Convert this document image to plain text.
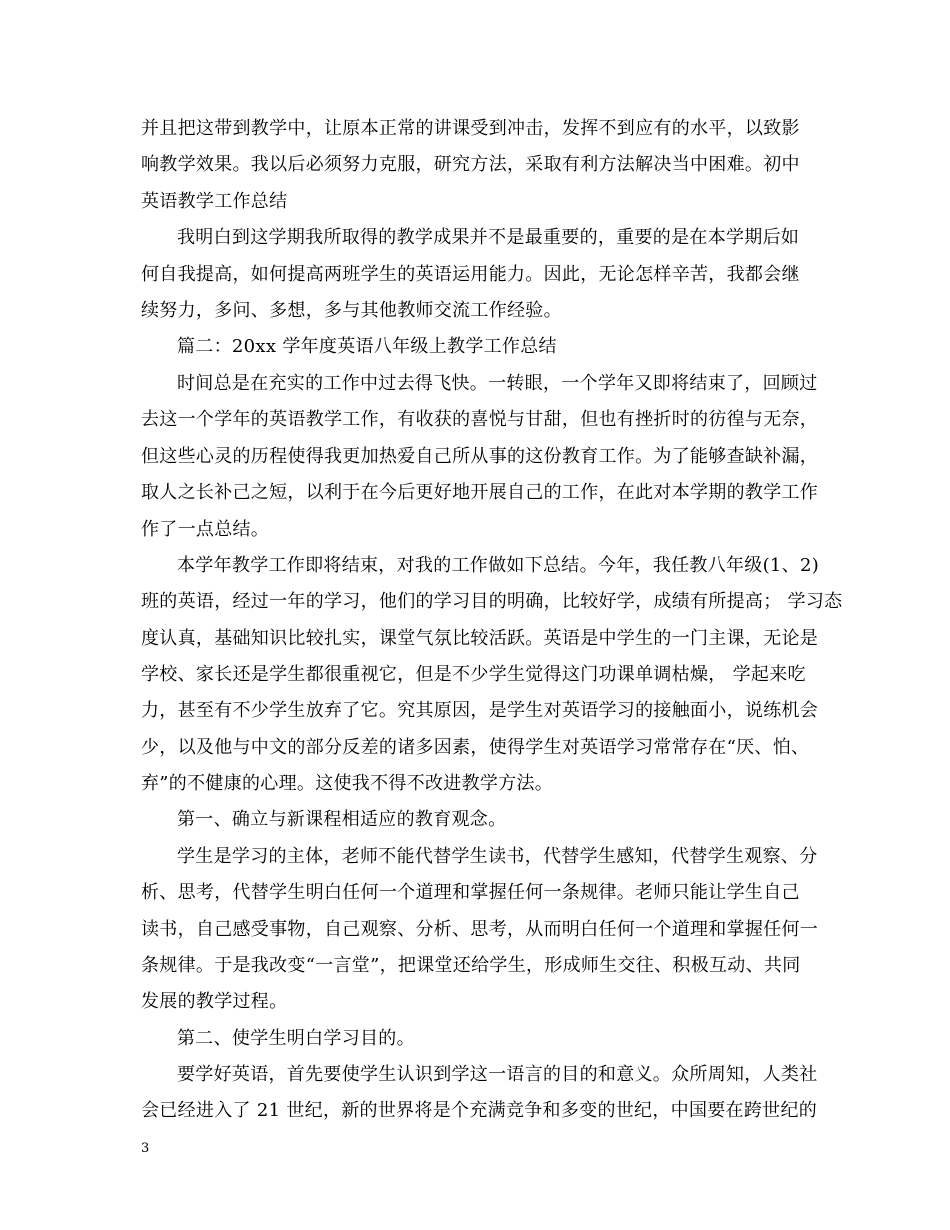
并且把这带到教学中，让原本正常的讲课受到冲击，发挥不到应有的水平，以致影
响教学效果。我以后必须努力克服，研究方法，采取有利方法解决当中困难。初中
英语教学工作总结
我明白到这学期我所取得的教学成果并不是最重要的，重要的是在本学期后如
何自我提高，如何提高两班学生的英语运用能力。因此，无论怎样辛苦，我都会继
续努力，多问、多想，多与其他教师交流工作经验。
篇二：20xx 学年度英语八年级上教学工作总结
时间总是在充实的工作中过去得飞快。一转眼，一个学年又即将结束了，回顾过
去这一个学年的英语教学工作，有收获的喜悦与甘甜，但也有挫折时的彷徨与无奈，
但这些心灵的历程使得我更加热爱自己所从事的这份教育工作。为了能够查缺补漏，
取人之长补己之短，以利于在今后更好地开展自己的工作，在此对本学期的教学工作
作了一点总结。
本学年教学工作即将结束，对我的工作做如下总结。今年，我任教八年级(1、2)
班的英语，经过一年的学习，他们的学习目的明确，比较好学，成绩有所提高； 学习态
度认真，基础知识比较扎实，课堂气氛比较活跃。英语是中学生的一门主课，无论是
学校、家长还是学生都很重视它，但是不少学生觉得这门功课单调枯燥， 学起来吃
力，甚至有不少学生放弃了它。究其原因，是学生对英语学习的接触面小，说练机会
少，以及他与中文的部分反差的诸多因素，使得学生对英语学习常常存在“厌、怕、
弃”的不健康的心理。这使我不得不改进教学方法。
第一、确立与新课程相适应的教育观念。
学生是学习的主体，老师不能代替学生读书，代替学生感知，代替学生观察、分
析、思考，代替学生明白任何一个道理和掌握任何一条规律。老师只能让学生自己
读书，自己感受事物，自己观察、分析、思考，从而明白任何一个道理和掌握任何一
条规律。于是我改变“一言堂”，把课堂还给学生，形成师生交往、积极互动、共同
发展的教学过程。
第二、使学生明白学习目的。
要学好英语，首先要使学生认识到学这一语言的目的和意义。众所周知，人类社
会已经进入了 21 世纪，新的世界将是个充满竞争和多变的世纪，中国要在跨世纪的
3
